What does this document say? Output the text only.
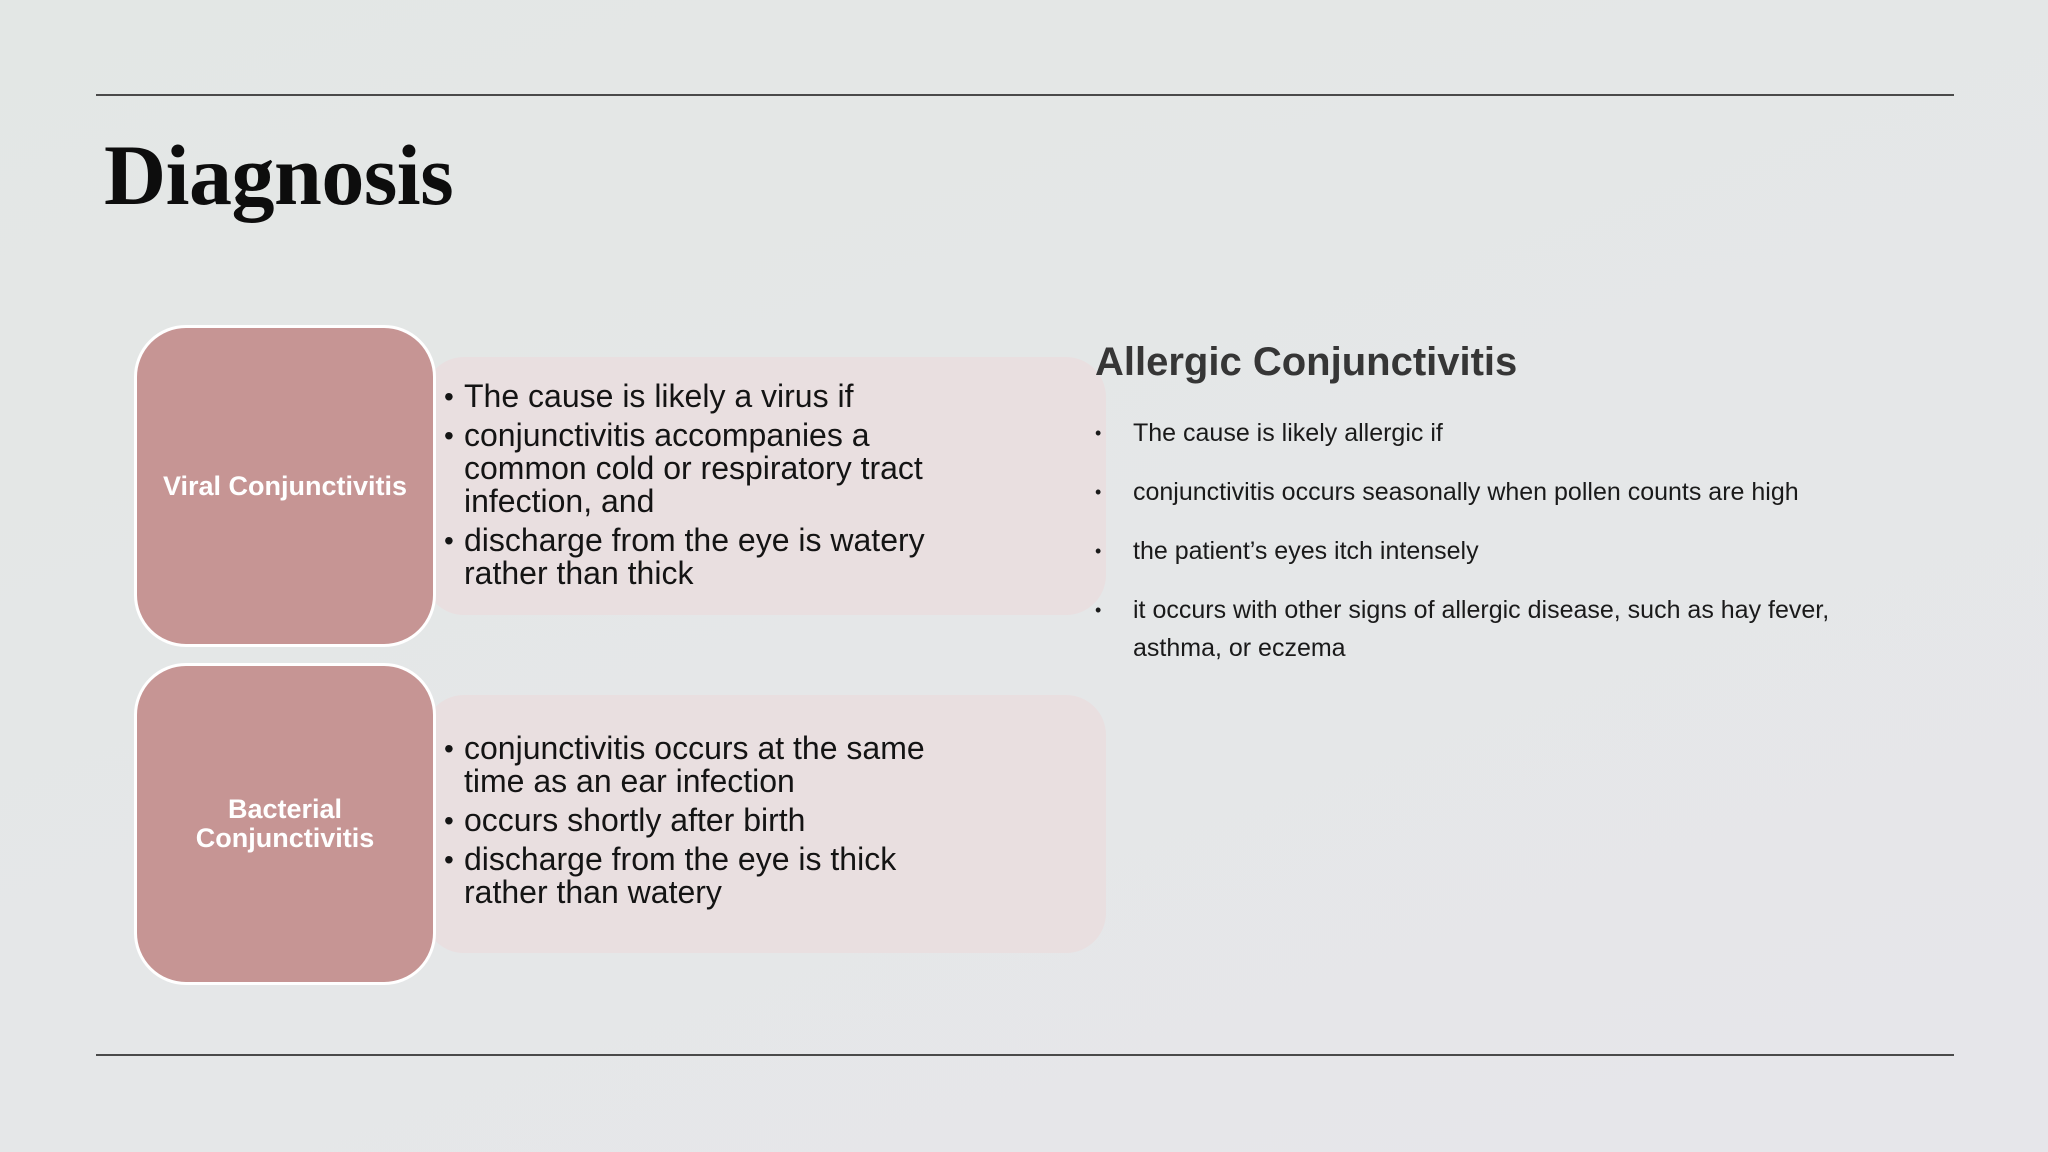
Diagnosis
Viral Conjunctivitis
• The cause is likely a virus if
• conjunctivitis accompanies a common cold or respiratory tract infection, and
• discharge from the eye is watery rather than thick
Bacterial
Conjunctivitis
• conjunctivitis occurs at the same time as an ear infection
• occurs shortly after birth
• discharge from the eye is thick rather than watery
Allergic Conjunctivitis
• The cause is likely allergic if
• conjunctivitis occurs seasonally when pollen counts are high
• the patient’s eyes itch intensely
• it occurs with other signs of allergic disease, such as hay fever, asthma, or eczema
